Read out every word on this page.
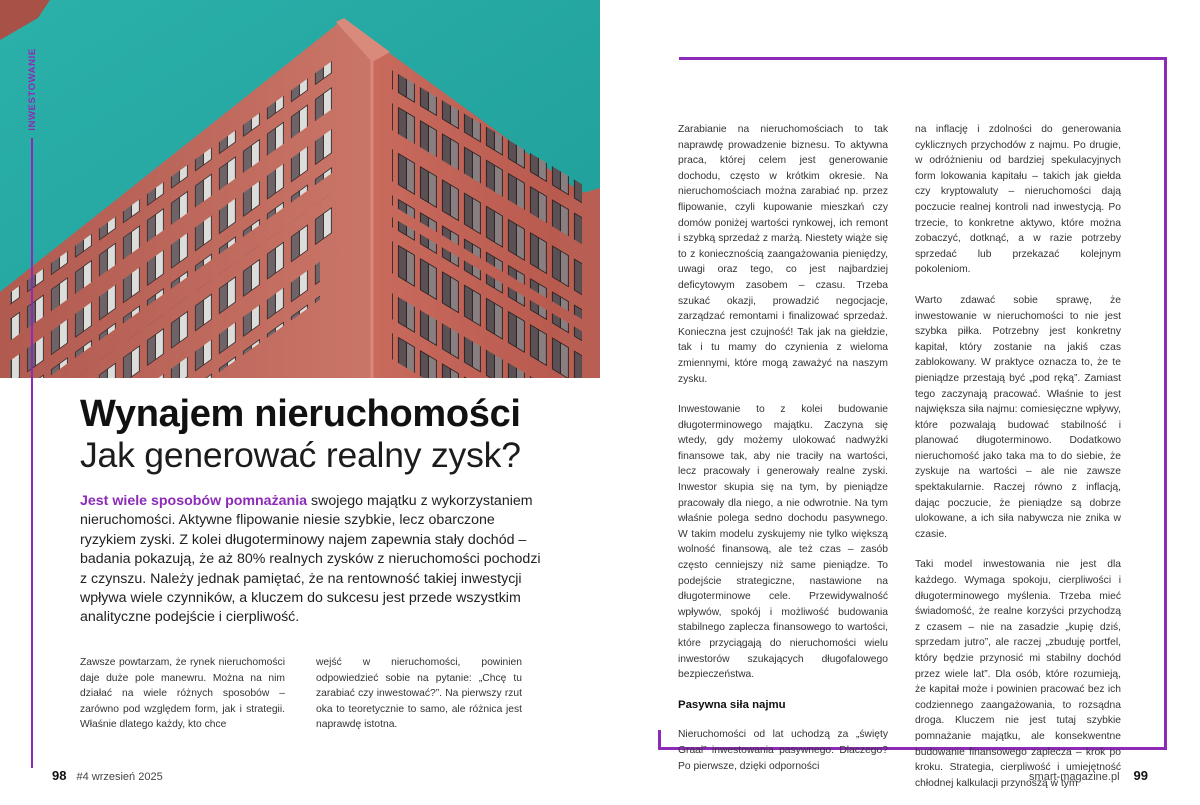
INWESTOWANIE
Wynajem nieruchomości
Jak generować realny zysk?
Jest wiele sposobów pomnażania swojego majątku z wykorzystaniem nieruchomości. Aktywne flipowanie niesie szybkie, lecz obarczone ryzykiem zyski. Z kolei długoterminowy najem zapewnia stały dochód – badania pokazują, że aż 80% realnych zysków z nieruchomości pochodzi z czynszu. Należy jednak pamiętać, że na rentowność takiej inwestycji wpływa wiele czynników, a kluczem do sukcesu jest przede wszystkim analityczne podejście i cierpliwość.

Zawsze powtarzam, że rynek nieruchomości daje duże pole manewru. Można na nim działać na wiele różnych sposobów – zarówno pod względem form, jak i strategii. Właśnie dlatego każdy, kto chce

wejść w nieruchomości, powinien odpowiedzieć sobie na pytanie: „Chcę tu zarabiać czy inwestować?”. Na pierwszy rzut oka to teoretycznie to samo, ale różnica jest naprawdę istotna.

Zarabianie na nieruchomościach to tak naprawdę prowadzenie biznesu. To aktywna praca, której celem jest generowanie dochodu, często w krótkim okresie. Na nieruchomościach można zarabiać np. przez flipowanie, czyli kupowanie mieszkań czy domów poniżej wartości rynkowej, ich remont i szybką sprzedaż z marżą. Niestety wiąże się to z koniecznością zaangażowania pieniędzy, uwagi oraz tego, co jest najbardziej deficytowym zasobem – czasu. Trzeba szukać okazji, prowadzić negocjacje, zarządzać remontami i finalizować sprzedaż. Konieczna jest czujność! Tak jak na giełdzie, tak i tu mamy do czynienia z wieloma zmiennymi, które mogą zaważyć na naszym zysku.

Inwestowanie to z kolei budowanie długoterminowego majątku. Zaczyna się wtedy, gdy możemy ulokować nadwyżki finansowe tak, aby nie traciły na wartości, lecz pracowały i generowały realne zyski. Inwestor skupia się na tym, by pieniądze pracowały dla niego, a nie odwrotnie. Na tym właśnie polega sedno dochodu pasywnego. W takim modelu zyskujemy nie tylko większą wolność finansową, ale też czas – zasób często cenniejszy niż same pieniądze. To podejście strategiczne, nastawione na długoterminowe cele. Przewidywalność wpływów, spokój i możliwość budowania stabilnego zaplecza finansowego to wartości, które przyciągają do nieruchomości wielu inwestorów szukających długofalowego bezpieczeństwa.

Pasywna siła najmu

Nieruchomości od lat uchodzą za „święty Graal” inwestowania pasywnego. Dlaczego? Po pierwsze, dzięki odporności

na inflację i zdolności do generowania cyklicznych przychodów z najmu. Po drugie, w odróżnieniu od bardziej spekulacyjnych form lokowania kapitału – takich jak giełda czy kryptowaluty – nieruchomości dają poczucie realnej kontroli nad inwestycją. Po trzecie, to konkretne aktywo, które można zobaczyć, dotknąć, a w razie potrzeby sprzedać lub przekazać kolejnym pokoleniom.

Warto zdawać sobie sprawę, że inwestowanie w nieruchomości to nie jest szybka piłka. Potrzebny jest konkretny kapitał, który zostanie na jakiś czas zablokowany. W praktyce oznacza to, że te pieniądze przestają być „pod ręką”. Zamiast tego zaczynają pracować. Właśnie to jest największa siła najmu: comiesięczne wpływy, które pozwalają budować stabilność i planować długoterminowo. Dodatkowo nieruchomość jako taka ma to do siebie, że zyskuje na wartości – ale nie zawsze spektakularnie. Raczej równo z inflacją, dając poczucie, że pieniądze są dobrze ulokowane, a ich siła nabywcza nie znika w czasie.

Taki model inwestowania nie jest dla każdego. Wymaga spokoju, cierpliwości i długoterminowego myślenia. Trzeba mieć świadomość, że realne korzyści przychodzą z czasem – nie na zasadzie „kupię dziś, sprzedam jutro”, ale raczej „zbuduję portfel, który będzie przynosić mi stabilny dochód przez wiele lat”. Dla osób, które rozumieją, że kapitał może i powinien pracować bez ich codziennego zaangażowania, to rozsądna droga. Kluczem nie jest tutaj szybkie pomnażanie majątku, ale konsekwentne budowanie finansowego zaplecza – krok po kroku. Strategia, cierpliwość i umiejętność chłodnej kalkulacji przynoszą w tym

98 #4 wrzesień 2025	smart-magazine.pl 99
